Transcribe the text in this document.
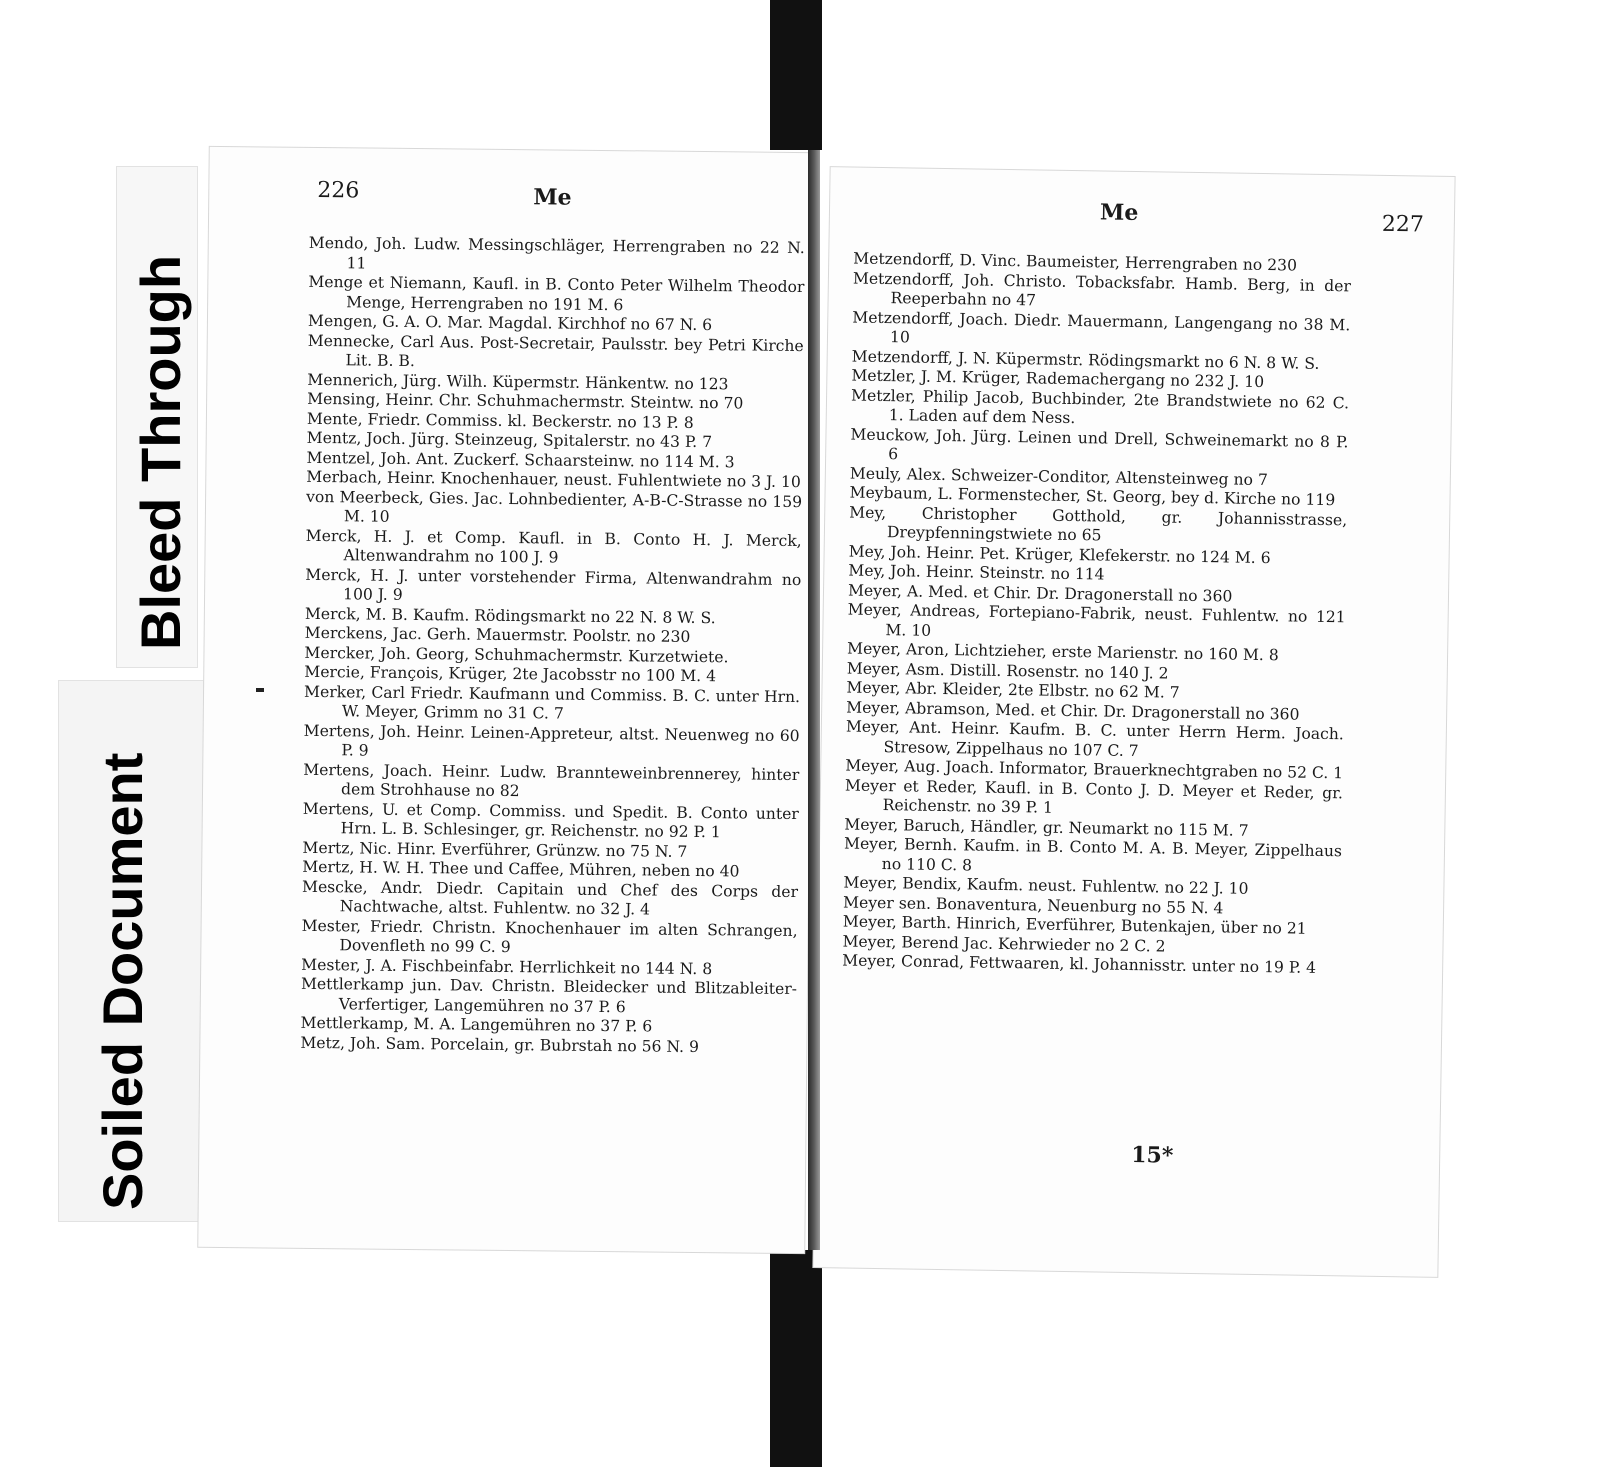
Bleed Through
Soiled Document
226	Me
Mendo, Joh. Ludw. Messingschläger, Herrengraben no 22 N. 11
Menge et Niemann, Kaufl. in B. Conto Peter Wilhelm Theodor Menge, Herrengraben no 191 M. 6
Mengen, G. A. O. Mar. Magdal. Kirchhof no 67 N. 6
Mennecke, Carl Aus. Post-Secretair, Paulsstr. bey Petri Kirche Lit. B. B.
Mennerich, Jürg. Wilh. Küpermstr. Hänkentw. no 123
Mensing, Heinr. Chr. Schuhmachermstr. Steintw. no 70
Mente, Friedr. Commiss. kl. Beckerstr. no 13 P. 8
Mentz, Joch. Jürg. Steinzeug, Spitalerstr. no 43 P. 7
Mentzel, Joh. Ant. Zuckerf. Schaarsteinw. no 114 M. 3
Merbach, Heinr. Knochenhauer, neust. Fuhlentwiete no 3 J. 10
von Meerbeck, Gies. Jac. Lohnbedienter, A-B-C-Strasse no 159 M. 10
Merck, H. J. et Comp. Kaufl. in B. Conto H. J. Merck, Altenwandrahm no 100 J. 9
Merck, H. J. unter vorstehender Firma, Altenwandrahm no 100 J. 9
Merck, M. B. Kaufm. Rödingsmarkt no 22 N. 8 W. S.
Merckens, Jac. Gerh. Mauermstr. Poolstr. no 230
Mercker, Joh. Georg, Schuhmachermstr. Kurzetwiete.
Mercie, François, Krüger, 2te Jacobsstr no 100 M. 4
Merker, Carl Friedr. Kaufmann und Commiss. B. C. unter Hrn. W. Meyer, Grimm no 31 C. 7
Mertens, Joh. Heinr. Leinen-Appreteur, altst. Neuenweg no 60 P. 9
Mertens, Joach. Heinr. Ludw. Brannteweinbrennerey, hinter dem Strohhause no 82
Mertens, U. et Comp. Commiss. und Spedit. B. Conto unter Hrn. L. B. Schlesinger, gr. Reichenstr. no 92 P. 1
Mertz, Nic. Hinr. Everführer, Grünzw. no 75 N. 7
Mertz, H. W. H. Thee und Caffee, Mühren, neben no 40
Mescke, Andr. Diedr. Capitain und Chef des Corps der Nachtwache, altst. Fuhlentw. no 32 J. 4
Mester, Friedr. Christn. Knochenhauer im alten Schrangen, Dovenfleth no 99 C. 9
Mester, J. A. Fischbeinfabr. Herrlichkeit no 144 N. 8
Mettlerkamp jun. Dav. Christn. Bleidecker und Blitzableiter-Verfertiger, Langemühren no 37 P. 6
Mettlerkamp, M. A. Langemühren no 37 P. 6
Metz, Joh. Sam. Porcelain, gr. Bubrstah no 56 N. 9
Me	227
Metzendorff, D. Vinc. Baumeister, Herrengraben no 230
Metzendorff, Joh. Christo. Tobacksfabr. Hamb. Berg, in der Reeperbahn no 47
Metzendorff, Joach. Diedr. Mauermann, Langengang no 38 M. 10
Metzendorff, J. N. Küpermstr. Rödingsmarkt no 6 N. 8 W. S.
Metzler, J. M. Krüger, Rademachergang no 232 J. 10
Metzler, Philip Jacob, Buchbinder, 2te Brandstwiete no 62 C. 1. Laden auf dem Ness.
Meuckow, Joh. Jürg. Leinen und Drell, Schweinemarkt no 8 P. 6
Meuly, Alex. Schweizer-Conditor, Altensteinweg no 7
Meybaum, L. Formenstecher, St. Georg, bey d. Kirche no 119
Mey, Christopher Gotthold, gr. Johannisstrasse, Dreypfenningstwiete no 65
Mey, Joh. Heinr. Pet. Krüger, Klefekerstr. no 124 M. 6
Mey, Joh. Heinr. Steinstr. no 114
Meyer, A. Med. et Chir. Dr. Dragonerstall no 360
Meyer, Andreas, Fortepiano-Fabrik, neust. Fuhlentw. no 121 M. 10
Meyer, Aron, Lichtzieher, erste Marienstr. no 160 M. 8
Meyer, Asm. Distill. Rosenstr. no 140 J. 2
Meyer, Abr. Kleider, 2te Elbstr. no 62 M. 7
Meyer, Abramson, Med. et Chir. Dr. Dragonerstall no 360
Meyer, Ant. Heinr. Kaufm. B. C. unter Herrn Herm. Joach. Stresow, Zippelhaus no 107 C. 7
Meyer, Aug. Joach. Informator, Brauerknechtgraben no 52 C. 1
Meyer et Reder, Kaufl. in B. Conto J. D. Meyer et Reder, gr. Reichenstr. no 39 P. 1
Meyer, Baruch, Händler, gr. Neumarkt no 115 M. 7
Meyer, Bernh. Kaufm. in B. Conto M. A. B. Meyer, Zippelhaus no 110 C. 8
Meyer, Bendix, Kaufm. neust. Fuhlentw. no 22 J. 10
Meyer sen. Bonaventura, Neuenburg no 55 N. 4
Meyer, Barth. Hinrich, Everführer, Butenkajen, über no 21
Meyer, Berend Jac. Kehrwieder no 2 C. 2
Meyer, Conrad, Fettwaaren, kl. Johannisstr. unter no 19 P. 4
15*
